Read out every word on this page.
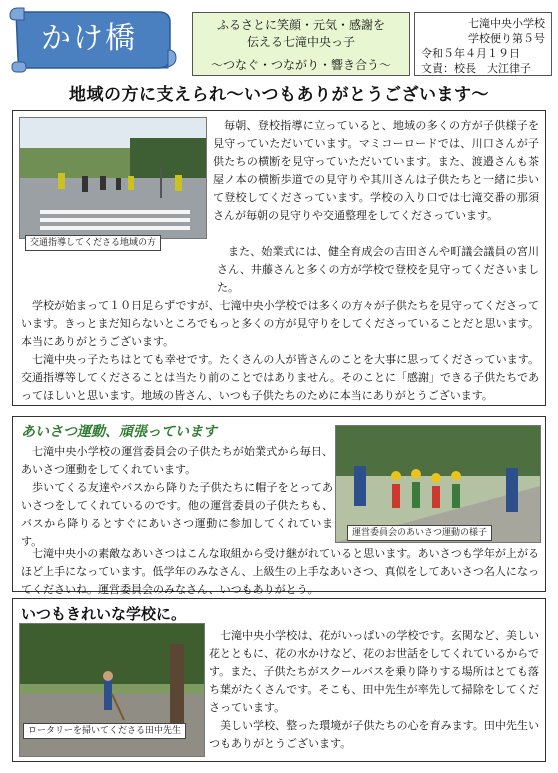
かけ橋	ふるさとに笑顔・元気・感謝を
伝える七滝中央っ子
～つなぐ・つながり・響き合う～
七滝中央小学校
学校便り第５号
令和５年４月１９日
文責：校長　大江律子
地域の方に支えられ～いつもありがとうございます～
交通指導してくださる地域の方
毎朝、登校指導に立っていると、地域の多くの方が子供様子を見守っていただいています。マミコーロードでは、川口さんが子供たちの横断を見守っていただいています。また、渡邉さんも茶屋ノ本の横断歩道での見守りや其川さんは子供たちと一緒に歩いて登校してくださっています。学校の入り口では七滝交番の那須さんが毎朝の見守りや交通整理をしてくださっています。
また、始業式には、健全育成会の吉田さんや町議会議員の宮川さん、井藤さんと多くの方が学校で登校を見守ってくださいました。
学校が始まって１０日足らずですが、七滝中央小学校では多くの方々が子供たちを見守ってくださっています。きっとまだ知らないところでもっと多くの方が見守りをしてくださっていることだと思います。本当にありがとうございます。
七滝中央っ子たちはとても幸せです。たくさんの人が皆さんのことを大事に思ってくださっています。交通指導等してくださることは当たり前のことではありません。そのことに「感謝」できる子供たちであってほしいと思います。地域の皆さん、いつも子供たちのために本当にありがとうございます。
あいさつ運動、頑張っています
七滝中央小学校の運営委員会の子供たちが始業式から毎日、あいさつ運動をしてくれています。
歩いてくる友達やバスから降りた子供たちに帽子をとってあいさつをしてくれているのです。他の運営委員の子供たちも、バスから降りるとすぐにあいさつ運動に参加してくれています。
運営委員会のあいさつ運動の様子
七滝中央小の素敵なあいさつはこんな取組から受け継がれていると思います。あいさつも学年が上がるほど上手になっています。低学年のみなさん、上級生の上手なあいさつ、真似をしてあいさつ名人になってくださいね。運営委員会のみなさん、いつもありがとう。
いつもきれいな学校に。
ロータリーを掃いてくださる田中先生
七滝中央小学校は、花がいっぱいの学校です。玄関など、美しい花とともに、花の水かけなど、花のお世話をしてくれているからです。また、子供たちがスクールバスを乗り降りする場所はとても落ち葉がたくさんです。そこも、田中先生が率先して掃除をしてくださっています。
美しい学校、整った環境が子供たちの心を育みます。田中先生いつもありがとうございます。
